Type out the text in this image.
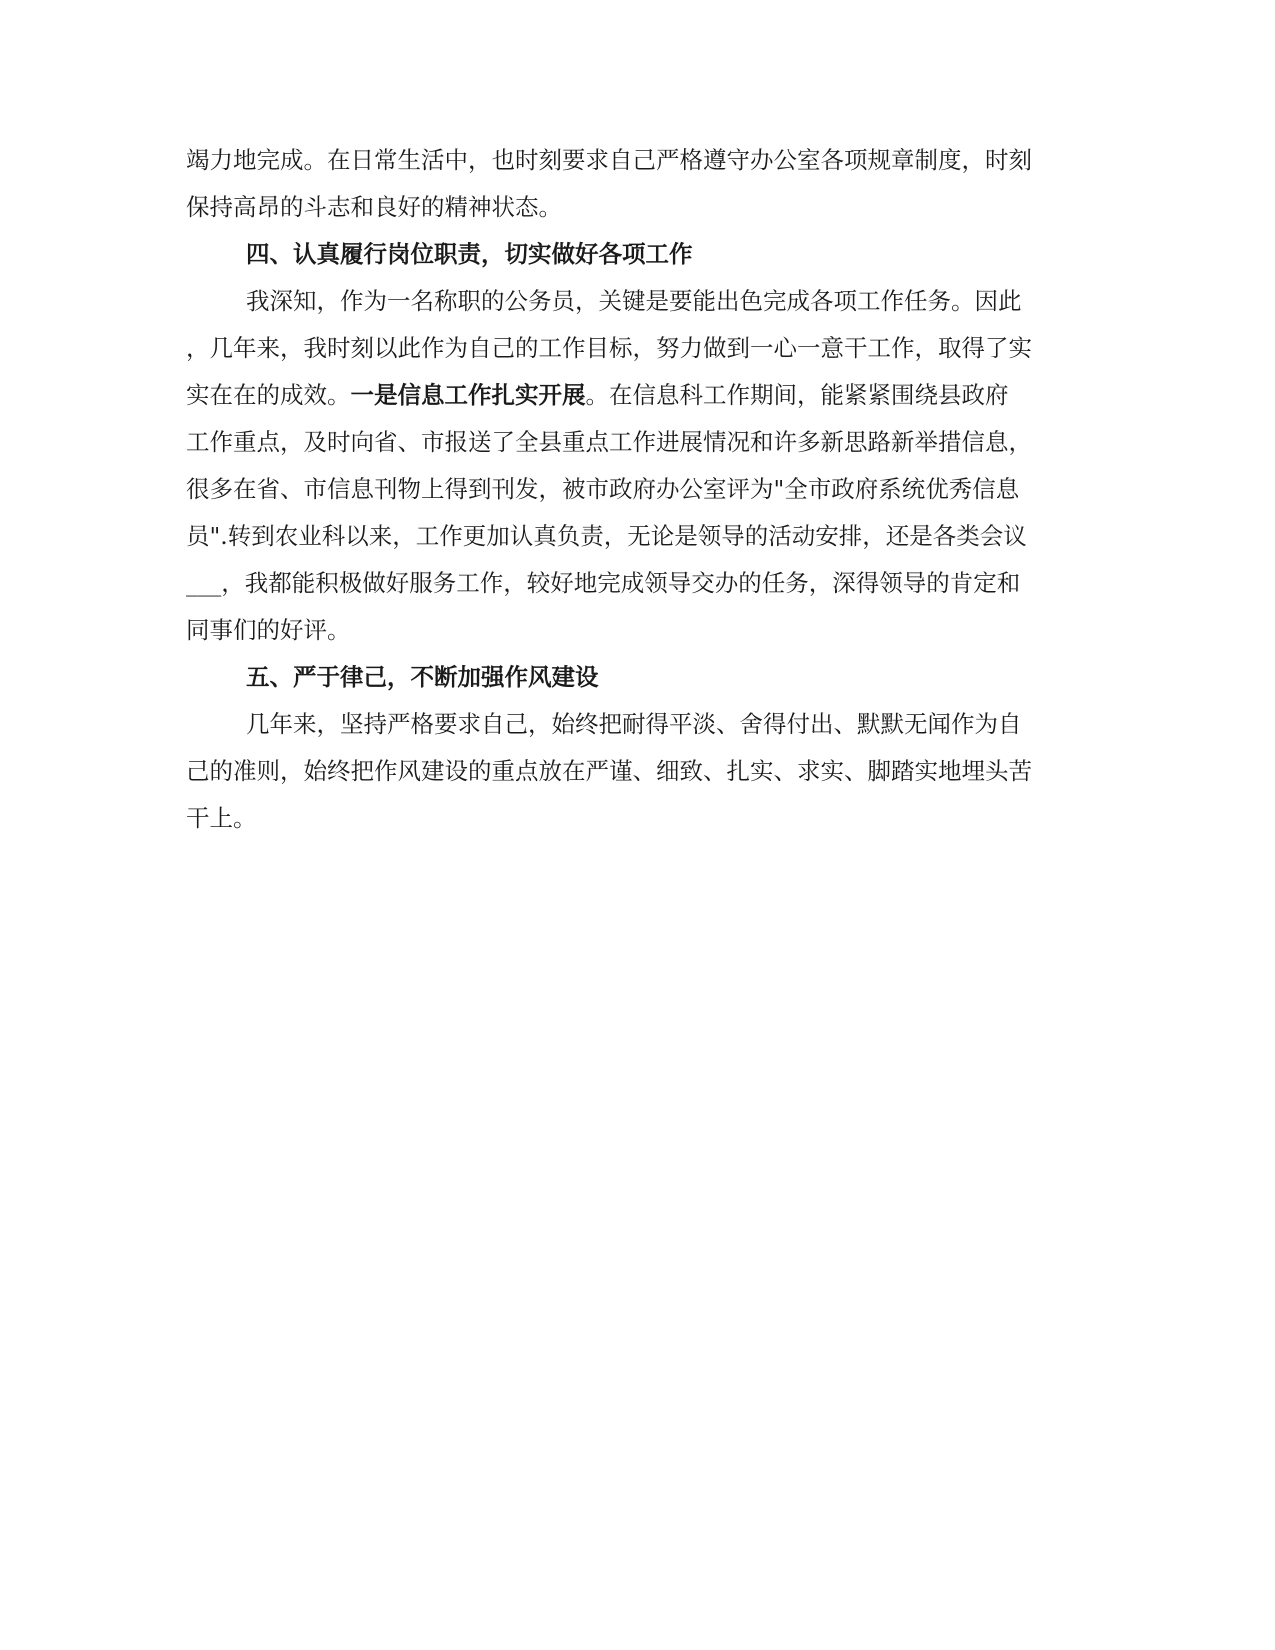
竭力地完成。在日常生活中，也时刻要求自己严格遵守办公室各项规章制度，时刻

保持高昂的斗志和良好的精神状态。

四、认真履行岗位职责，切实做好各项工作

我深知，作为一名称职的公务员，关键是要能出色完成各项工作任务。因此

，几年来，我时刻以此作为自己的工作目标，努力做到一心一意干工作，取得了实

实在在的成效。一是信息工作扎实开展。在信息科工作期间，能紧紧围绕县政府

工作重点，及时向省、市报送了全县重点工作进展情况和许多新思路新举措信息，

很多在省、市信息刊物上得到刊发，被市政府办公室评为"全市政府系统优秀信息

员".转到农业科以来，工作更加认真负责，无论是领导的活动安排，还是各类会议

___，我都能积极做好服务工作，较好地完成领导交办的任务，深得领导的肯定和

同事们的好评。

五、严于律己，不断加强作风建设

几年来，坚持严格要求自己，始终把耐得平淡、舍得付出、默默无闻作为自

己的准则，始终把作风建设的重点放在严谨、细致、扎实、求实、脚踏实地埋头苦

干上。
